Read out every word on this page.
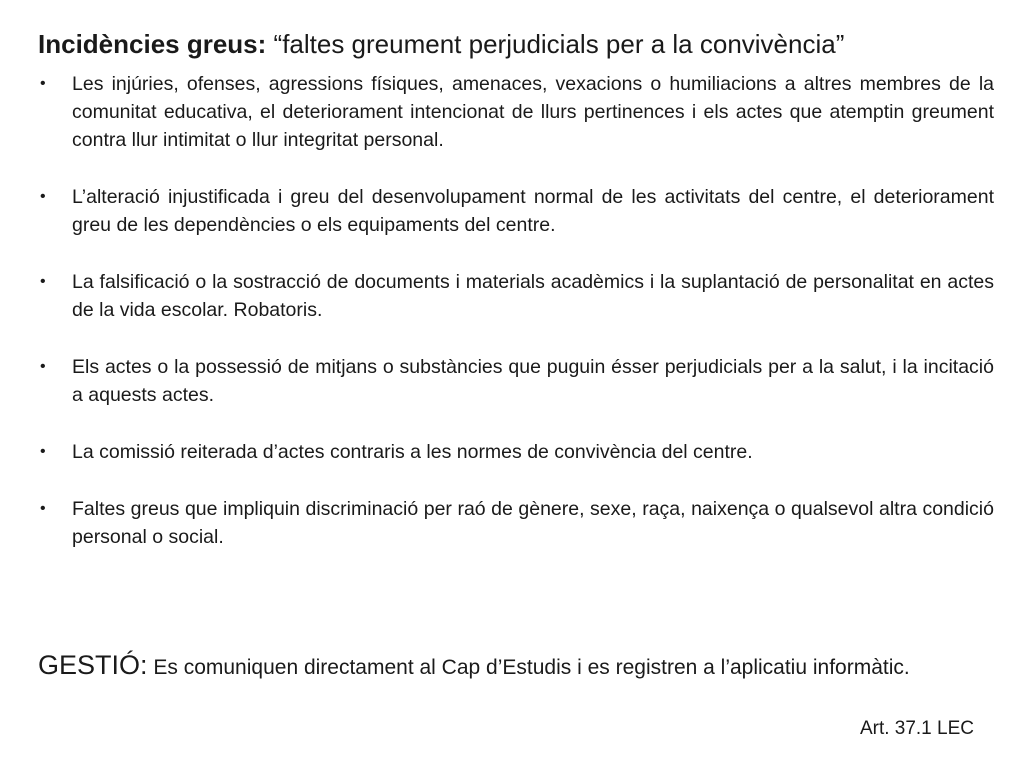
Incidències greus: “faltes greument perjudicials per a la convivència”
•	Les injúries, ofenses, agressions físiques, amenaces, vexacions o humiliacions a altres membres de la comunitat educativa, el deteriorament intencionat de llurs pertinences i els actes que atemptin greument contra llur intimitat o llur integritat personal.
•	L’alteració injustificada i greu del desenvolupament normal de les activitats del centre, el deteriorament greu de les dependències o els equipaments del centre.
•	La falsificació o la sostracció de documents i materials acadèmics i la suplantació de personalitat en actes de la vida escolar. Robatoris.
•	Els actes o la possessió de mitjans o substàncies que puguin ésser perjudicials per a la salut, i la incitació a aquests actes.
•	La comissió reiterada d’actes contraris a les normes de convivència del centre.
•	Faltes greus que impliquin discriminació per raó de gènere, sexe, raça, naixença o qualsevol altra condició personal o social.
GESTIÓ: Es comuniquen directament al Cap d’Estudis i es registren a l’aplicatiu informàtic.
Art. 37.1 LEC
